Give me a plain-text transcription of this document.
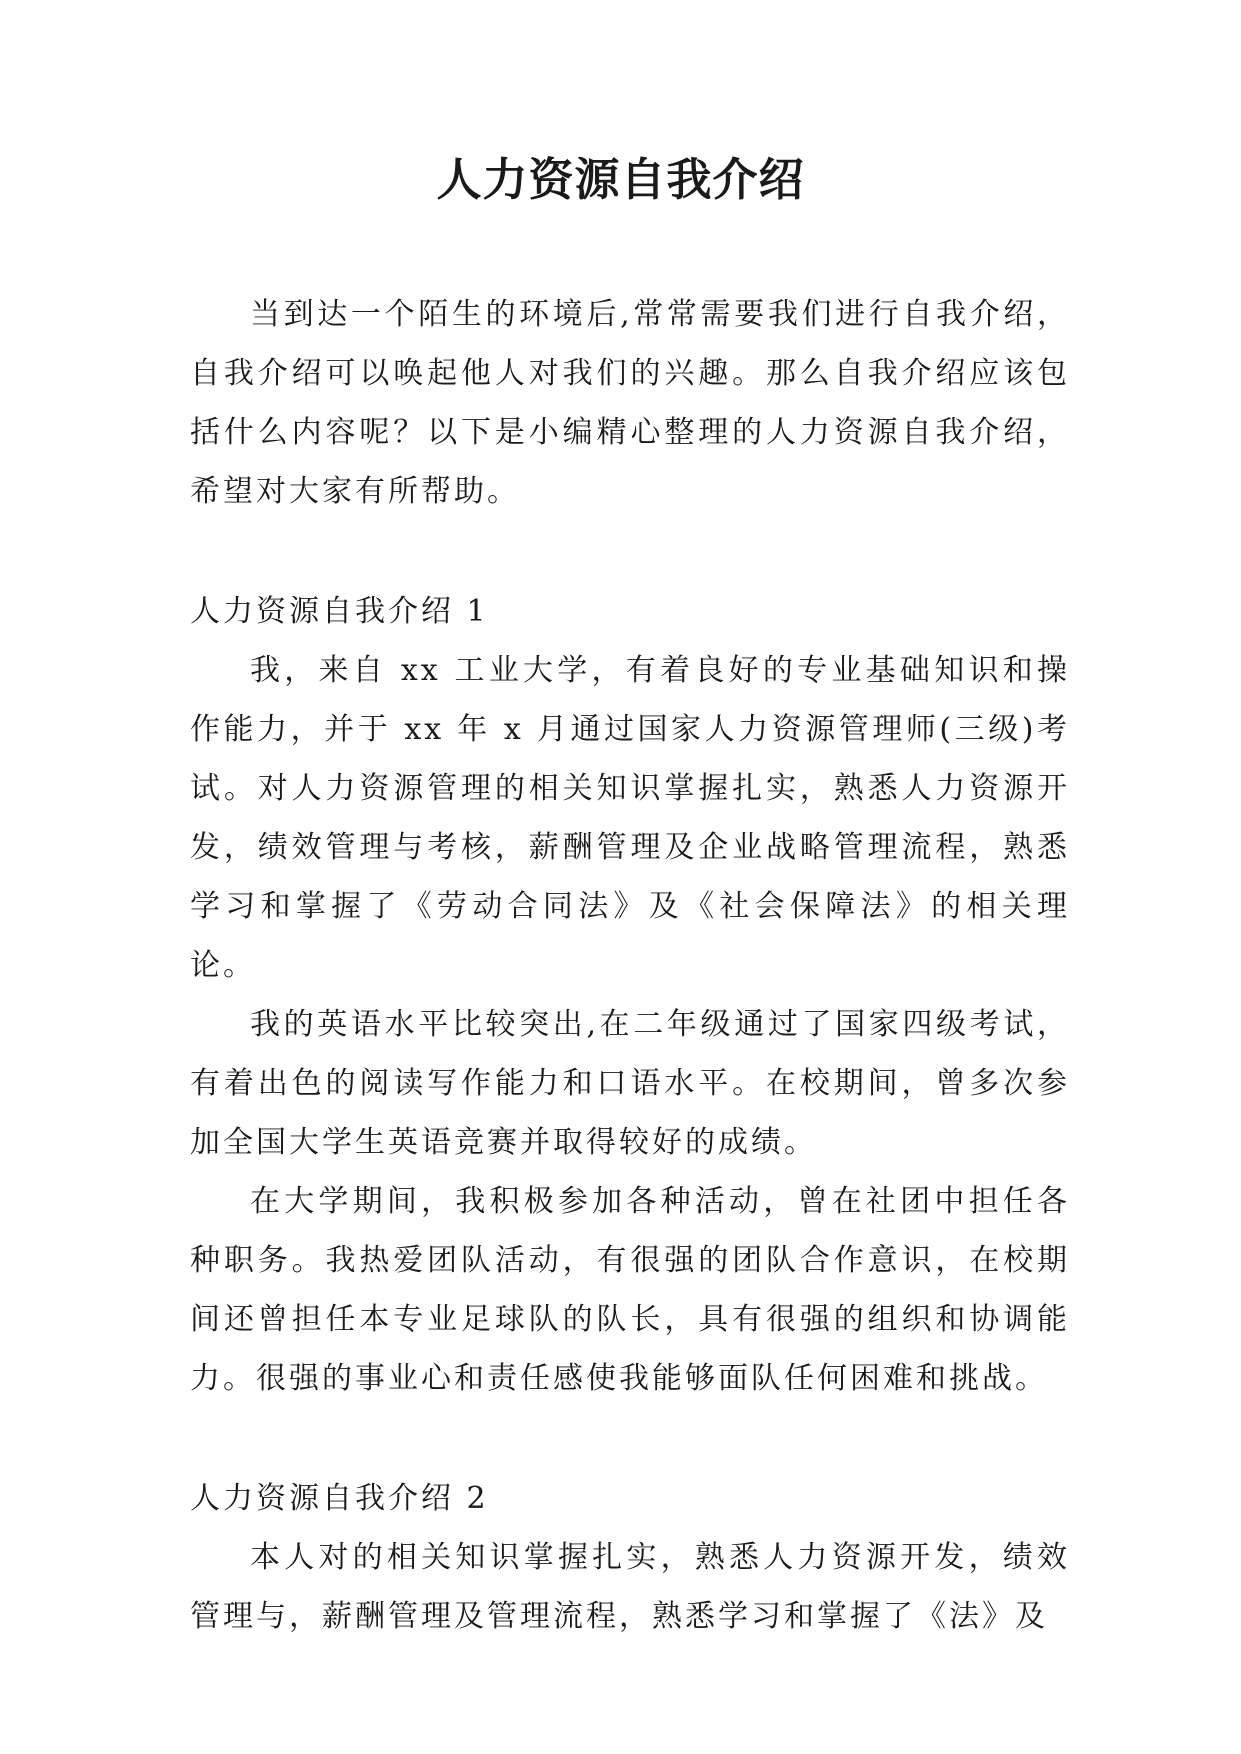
人力资源自我介绍

当到达一个陌生的环境后,常常需要我们进行自我介绍，自我介绍可以唤起他人对我们的兴趣。那么自我介绍应该包括什么内容呢？以下是小编精心整理的人力资源自我介绍，希望对大家有所帮助。

人力资源自我介绍 1

我，来自 xx 工业大学，有着良好的专业基础知识和操作能力，并于 xx 年 x 月通过国家人力资源管理师(三级)考试。对人力资源管理的相关知识掌握扎实，熟悉人力资源开发，绩效管理与考核，薪酬管理及企业战略管理流程，熟悉学习和掌握了《劳动合同法》及《社会保障法》的相关理论。

我的英语水平比较突出,在二年级通过了国家四级考试，有着出色的阅读写作能力和口语水平。在校期间，曾多次参加全国大学生英语竞赛并取得较好的成绩。

在大学期间，我积极参加各种活动，曾在社团中担任各种职务。我热爱团队活动，有很强的团队合作意识，在校期间还曾担任本专业足球队的队长，具有很强的组织和协调能力。很强的事业心和责任感使我能够面队任何困难和挑战。

人力资源自我介绍 2

本人对的相关知识掌握扎实，熟悉人力资源开发，绩效管理与，薪酬管理及管理流程，熟悉学习和掌握了《法》及
